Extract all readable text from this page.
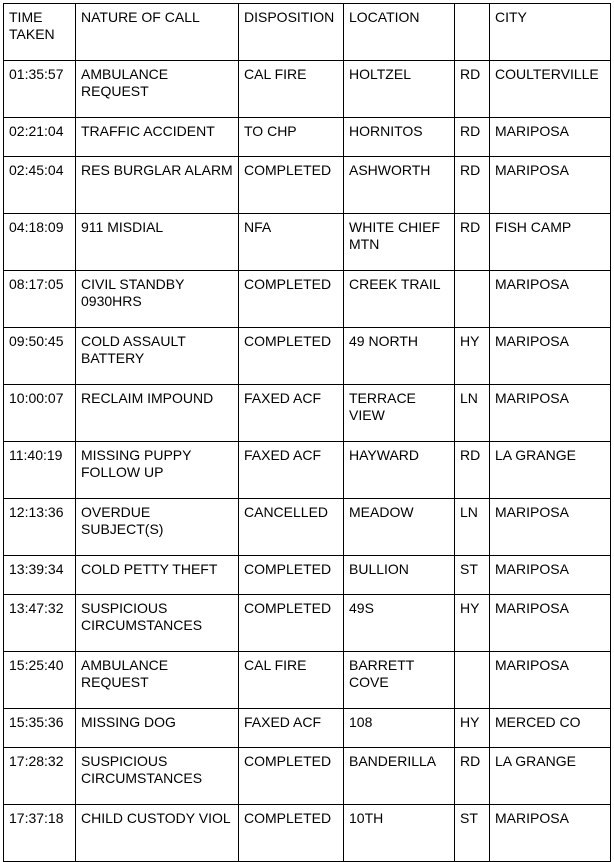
TIME TAKEN	NATURE OF CALL	DISPOSITION	LOCATION		CITY
01:35:57	AMBULANCE REQUEST	CAL FIRE	HOLTZEL	RD	COULTERVILLE
02:21:04	TRAFFIC ACCIDENT	TO CHP	HORNITOS	RD	MARIPOSA
02:45:04	RES BURGLAR ALARM	COMPLETED	ASHWORTH	RD	MARIPOSA
04:18:09	911 MISDIAL	NFA	WHITE CHIEF MTN	RD	FISH CAMP
08:17:05	CIVIL STANDBY 0930HRS	COMPLETED	CREEK TRAIL		MARIPOSA
09:50:45	COLD ASSAULT BATTERY	COMPLETED	49 NORTH	HY	MARIPOSA
10:00:07	RECLAIM IMPOUND	FAXED ACF	TERRACE VIEW	LN	MARIPOSA
11:40:19	MISSING PUPPY FOLLOW UP	FAXED ACF	HAYWARD	RD	LA GRANGE
12:13:36	OVERDUE SUBJECT(S)	CANCELLED	MEADOW	LN	MARIPOSA
13:39:34	COLD PETTY THEFT	COMPLETED	BULLION	ST	MARIPOSA
13:47:32	SUSPICIOUS CIRCUMSTANCES	COMPLETED	49S	HY	MARIPOSA
15:25:40	AMBULANCE REQUEST	CAL FIRE	BARRETT COVE		MARIPOSA
15:35:36	MISSING DOG	FAXED ACF	108	HY	MERCED CO
17:28:32	SUSPICIOUS CIRCUMSTANCES	COMPLETED	BANDERILLA	RD	LA GRANGE
17:37:18	CHILD CUSTODY VIOL	COMPLETED	10TH	ST	MARIPOSA
